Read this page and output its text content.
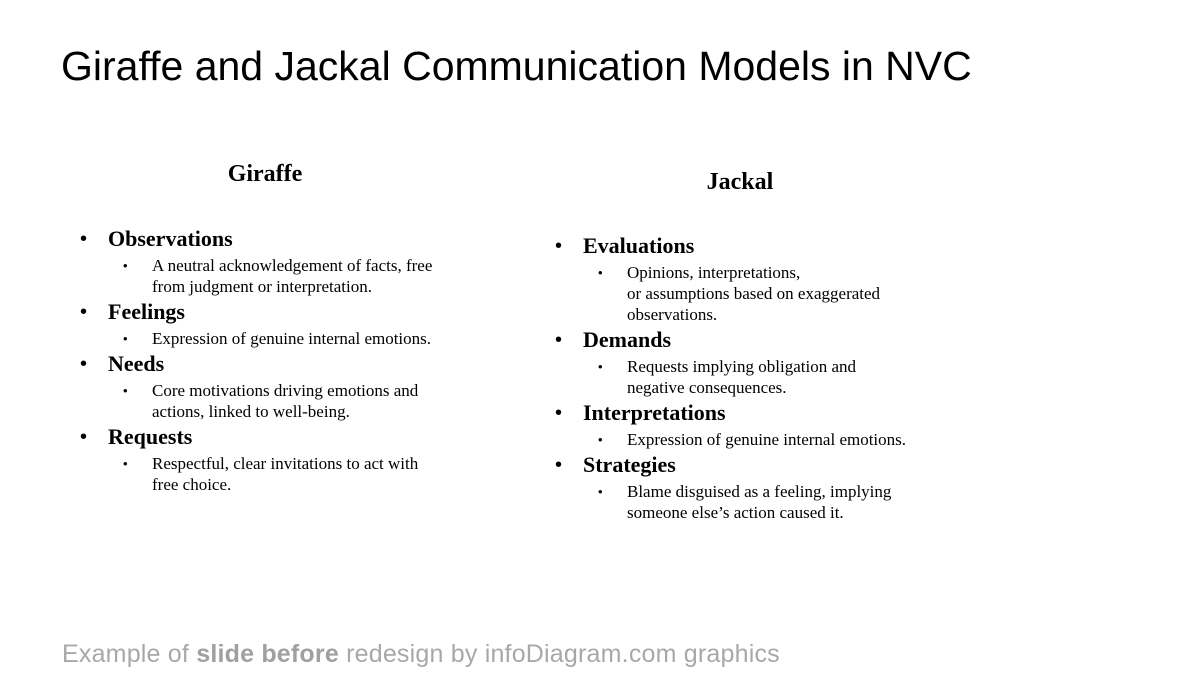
Giraffe and Jackal Communication Models in NVC
Giraffe
• Observations
• A neutral acknowledgement of facts, free
from judgment or interpretation.
• Feelings
• Expression of genuine internal emotions.
• Needs
• Core motivations driving emotions and
actions, linked to well-being.
• Requests
• Respectful, clear invitations to act with
free choice.
Jackal
• Evaluations
• Opinions, interpretations,
or assumptions based on exaggerated
observations.
• Demands
• Requests implying obligation and
negative consequences.
• Interpretations
• Expression of genuine internal emotions.
• Strategies
• Blame disguised as a feeling, implying
someone else’s action caused it.

Example of slide before redesign by infoDiagram.com graphics
